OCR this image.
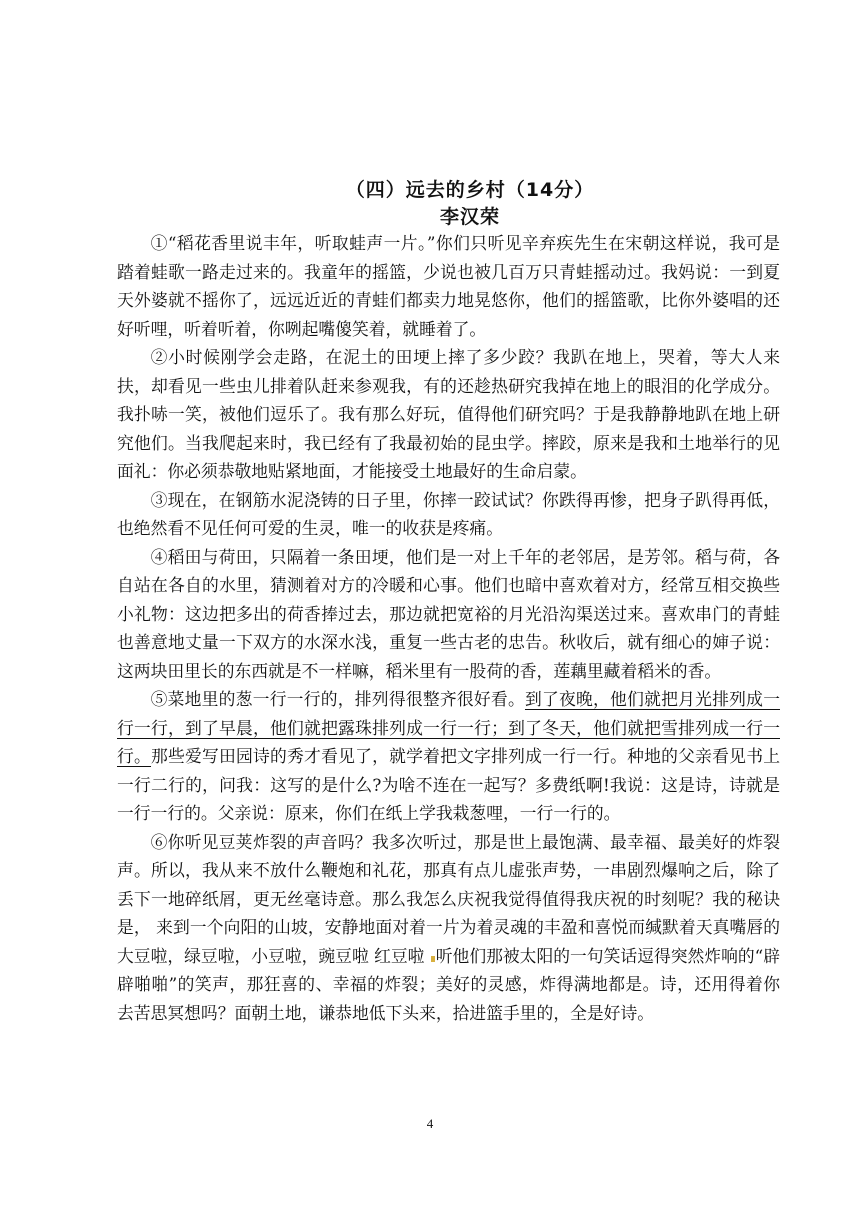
（四）远去的乡村（14分）
李汉荣

①“稻花香里说丰年，听取蛙声一片。”你们只听见辛弃疾先生在宋朝这样说，我可是踏着蛙歌一路走过来的。我童年的摇篮，少说也被几百万只青蛙摇动过。我妈说：一到夏天外婆就不摇你了，远远近近的青蛙们都卖力地晃悠你，他们的摇篮歌，比你外婆唱的还好听哩，听着听着，你咧起嘴傻笑着，就睡着了。

②小时候刚学会走路，在泥土的田埂上摔了多少跤？我趴在地上，哭着，等大人来扶，却看见一些虫儿排着队赶来参观我，有的还趁热研究我掉在地上的眼泪的化学成分。我扑哧一笑，被他们逗乐了。我有那么好玩，值得他们研究吗？于是我静静地趴在地上研究他们。当我爬起来时，我已经有了我最初始的昆虫学。摔跤，原来是我和土地举行的见面礼：你必须恭敬地贴紧地面，才能接受土地最好的生命启蒙。

③现在，在钢筋水泥浇铸的日子里，你摔一跤试试？你跌得再惨，把身子趴得再低，也绝然看不见任何可爱的生灵，唯一的收获是疼痛。

④稻田与荷田，只隔着一条田埂，他们是一对上千年的老邻居，是芳邻。稻与荷，各自站在各自的水里，猜测着对方的冷暖和心事。他们也暗中喜欢着对方，经常互相交换些小礼物：这边把多出的荷香捧过去，那边就把宽裕的月光沿沟渠送过来。喜欢串门的青蛙也善意地丈量一下双方的水深水浅，重复一些古老的忠告。秋收后，就有细心的婶子说：这两块田里长的东西就是不一样嘛，稻米里有一股荷的香，莲藕里藏着稻米的香。

⑤菜地里的葱一行一行的，排列得很整齐很好看。到了夜晚，他们就把月光排列成一行一行，到了早晨，他们就把露珠排列成一行一行；到了冬天，他们就把雪排列成一行一行。那些爱写田园诗的秀才看见了，就学着把文字排列成一行一行。种地的父亲看见书上一行二行的，问我：这写的是什么?为啥不连在一起写？多费纸啊!我说：这是诗，诗就是一行一行的。父亲说：原来，你们在纸上学我栽葱哩，一行一行的。

⑥你听见豆荚炸裂的声音吗？我多次听过，那是世上最饱满、最幸福、最美好的炸裂声。所以，我从来不放什么鞭炮和礼花，那真有点儿虚张声势，一串剧烈爆响之后，除了丢下一地碎纸屑，更无丝毫诗意。那么我怎么庆祝我觉得值得我庆祝的时刻呢？我的秘诀是， 来到一个向阳的山坡，安静地面对着一片为着灵魂的丰盈和喜悦而缄默着天真嘴唇的大豆啦，绿豆啦，小豆啦，豌豆啦 红豆啦 听他们那被太阳的一句笑话逗得突然炸响的“辟辟啪啪”的笑声，那狂喜的、幸福的炸裂；美好的灵感，炸得满地都是。诗，还用得着你去苦思冥想吗？面朝土地，谦恭地低下头来，拾进篮手里的，全是好诗。

4
